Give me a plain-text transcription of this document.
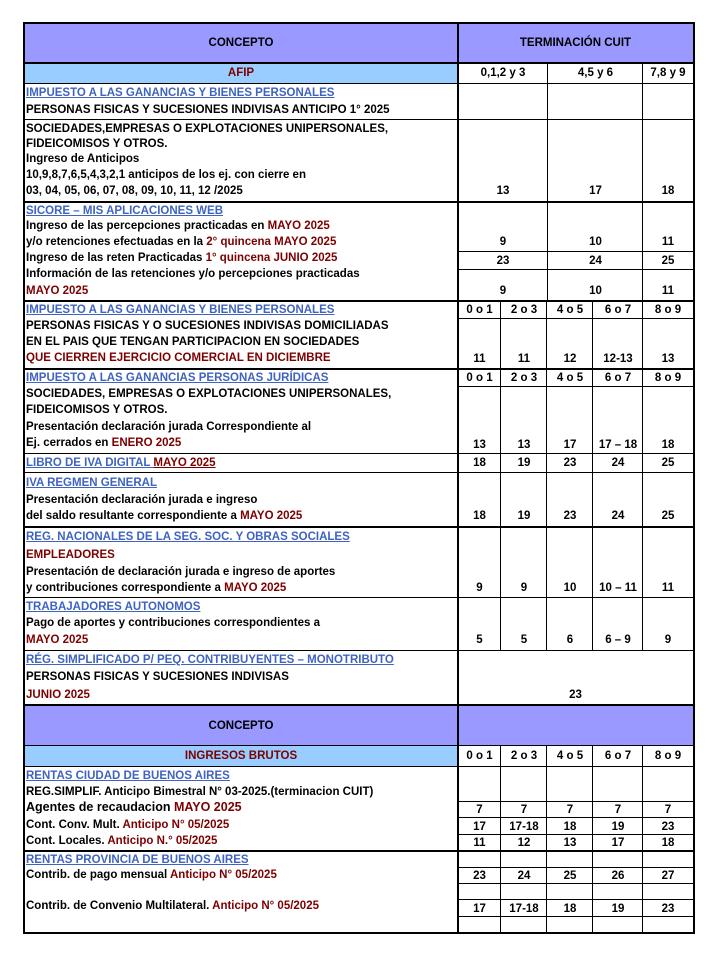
CONCEPTO	TERMINACIÓN CUIT
AFIP	0,1,2 y 3	4,5 y 6	7,8 y 9
IMPUESTO A LAS GANANCIAS Y BIENES PERSONALES
PERSONAS FISICAS Y SUCESIONES INDIVISAS ANTICIPO 1° 2025
SOCIEDADES,EMPRESAS O EXPLOTACIONES UNIPERSONALES,
FIDEICOMISOS Y OTROS.
Ingreso de Anticipos
10,9,8,7,6,5,4,3,2,1 anticipos de los ej. con cierre en
03, 04, 05, 06, 07, 08, 09, 10, 11, 12 /2025	13	17	18
SICORE – MIS APLICACIONES WEB
Ingreso de las percepciones practicadas en MAYO 2025
y/o retenciones efectuadas en la 2° quincena MAYO 2025	9	10	11
Ingreso de las reten Practicadas 1° quincena JUNIO 2025	23	24	25
Información de las retenciones y/o percepciones practicadas
MAYO 2025	9	10	11
IMPUESTO A LAS GANANCIAS Y BIENES PERSONALES	0 o 1	2 o 3	4 o 5	6 o 7	8 o 9
PERSONAS FISICAS Y O SUCESIONES INDIVISAS DOMICILIADAS
EN EL PAIS QUE TENGAN PARTICIPACION EN SOCIEDADES
QUE CIERREN EJERCICIO COMERCIAL EN DICIEMBRE	11	11	12	12-13	13
IMPUESTO A LAS GANANCIAS PERSONAS JURÍDICAS	0 o 1	2 o 3	4 o 5	6 o 7	8 o 9
SOCIEDADES, EMPRESAS O EXPLOTACIONES UNIPERSONALES,
FIDEICOMISOS Y OTROS.
Presentación declaración jurada Correspondiente al
Ej. cerrados en ENERO 2025	13	13	17	17 – 18	18
LIBRO DE IVA DIGITAL MAYO 2025	18	19	23	24	25
IVA REGMEN GENERAL
Presentación declaración jurada e ingreso
del saldo resultante correspondiente a MAYO 2025	18	19	23	24	25
REG. NACIONALES DE LA SEG. SOC. Y OBRAS SOCIALES
EMPLEADORES
Presentación de declaración jurada e ingreso de aportes
y contribuciones correspondiente a MAYO 2025	9	9	10	10 – 11	11
TRABAJADORES AUTONOMOS
Pago de aportes y contribuciones correspondientes a
MAYO 2025	5	5	6	6 – 9	9
RÉG. SIMPLIFICADO P/ PEQ. CONTRIBUYENTES – MONOTRIBUTO
PERSONAS FISICAS Y SUCESIONES INDIVISAS
JUNIO 2025	23
CONCEPTO
INGRESOS BRUTOS	0 o 1	2 o 3	4 o 5	6 o 7	8 o 9
RENTAS CIUDAD DE BUENOS AIRES
REG.SIMPLIF. Anticipo Bimestral N° 03-2025.(terminacion CUIT)
Agentes de recaudacion MAYO 2025	7	7	7	7	7
Cont. Conv. Mult. Anticipo N° 05/2025	17	17-18	18	19	23
Cont. Locales. Anticipo N.° 05/2025	11	12	13	17	18
RENTAS PROVINCIA DE BUENOS AIRES
Contrib. de pago mensual Anticipo N° 05/2025	23	24	25	26	27
Contrib. de Convenio Multilateral. Anticipo N° 05/2025	17	17-18	18	19	23
